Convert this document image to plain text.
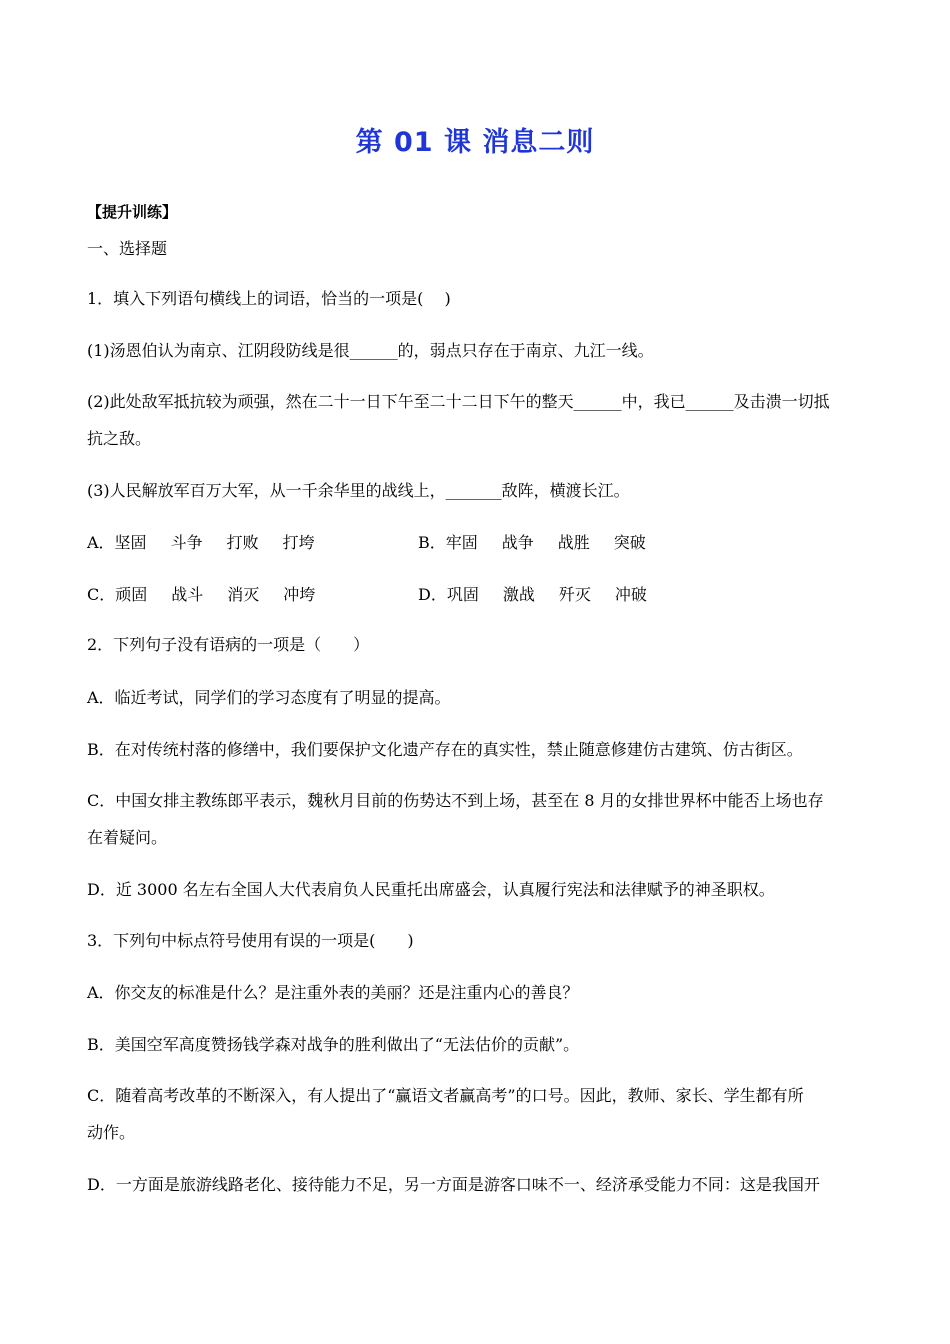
第 01 课 消息二则
【提升训练】
一、选择题
1．填入下列语句横线上的词语，恰当的一项是(　 )
(1)汤恩伯认为南京、江阴段防线是很______的，弱点只存在于南京、九江一线。
(2)此处敌军抵抗较为顽强，然在二十一日下午至二十二日下午的整天______中，我已______及击溃一切抵
抗之敌。
(3)人民解放军百万大军，从一千余华里的战线上，_______敌阵，横渡长江。
A．坚固 斗争 打败 打垮	B．牢固 战争 战胜 突破
C．顽固 战斗 消灭 冲垮	D．巩固 激战 歼灭 冲破
2．下列句子没有语病的一项是（　　）
A．临近考试，同学们的学习态度有了明显的提高。
B．在对传统村落的修缮中，我们要保护文化遗产存在的真实性，禁止随意修建仿古建筑、仿古街区。
C．中国女排主教练郎平表示，魏秋月目前的伤势达不到上场，甚至在 8 月的女排世界杯中能否上场也存
在着疑问。
D．近 3000 名左右全国人大代表肩负人民重托出席盛会，认真履行宪法和法律赋予的神圣职权。
3．下列句中标点符号使用有误的一项是(　　)
A．你交友的标准是什么？是注重外表的美丽？还是注重内心的善良？
B．美国空军高度赞扬钱学森对战争的胜利做出了“无法估价的贡献”。
C．随着高考改革的不断深入，有人提出了“赢语文者赢高考”的口号。因此，教师、家长、学生都有所
动作。
D．一方面是旅游线路老化、接待能力不足，另一方面是游客口味不一、经济承受能力不同：这是我国开
